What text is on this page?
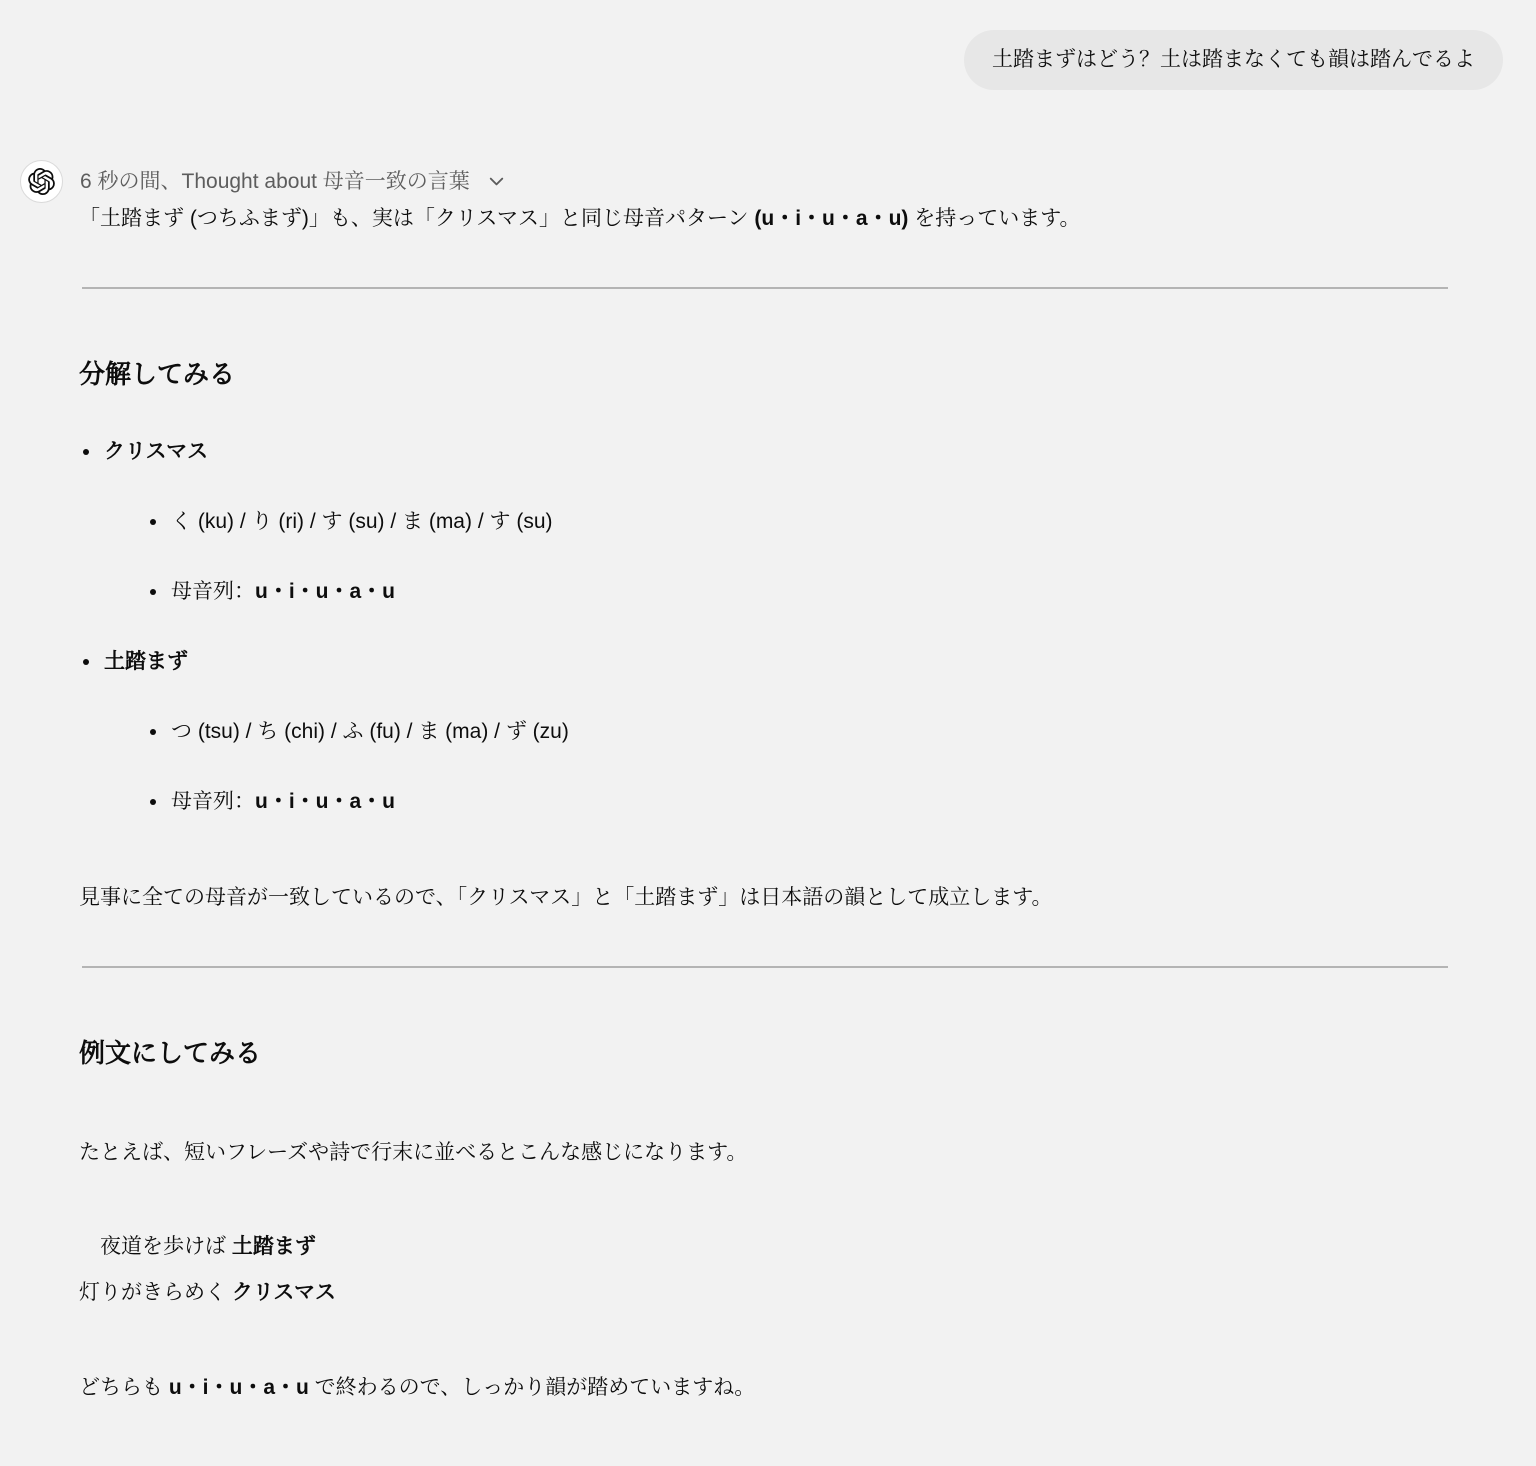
土踏まずはどう？土は踏まなくても韻は踏んでるよ
6 秒の間、Thought about 母音一致の言葉

「土踏まず (つちふまず)」も、実は「クリスマス」と同じ母音パターン (u・i・u・a・u) を持っています。

分解してみる
クリスマス
く (ku) / り (ri) / す (su) / ま (ma) / す (su)
母音列：u・i・u・a・u
土踏まず
つ (tsu) / ち (chi) / ふ (fu) / ま (ma) / ず (zu)
母音列：u・i・u・a・u

見事に全ての母音が一致しているので、「クリスマス」と「土踏まず」は日本語の韻として成立します。

例文にしてみる

たとえば、短いフレーズや詩で行末に並べるとこんな感じになります。

　夜道を歩けば 土踏まず
灯りがきらめく クリスマス

どちらも u・i・u・a・u で終わるので、しっかり韻が踏めていますね。
